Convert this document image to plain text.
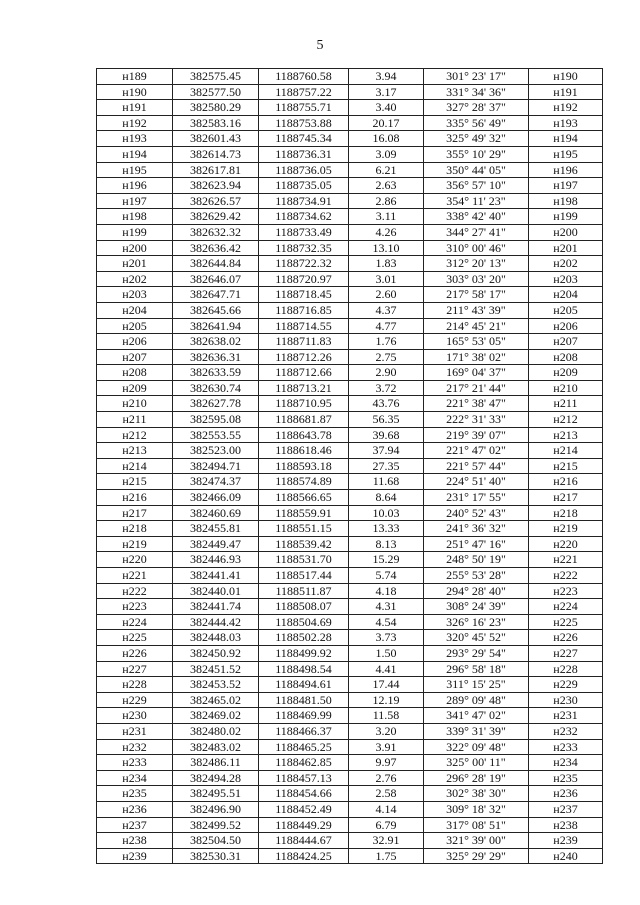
5
н189	382575.45	1188760.58	3.94	301° 23' 17"	н190
н190	382577.50	1188757.22	3.17	331° 34' 36"	н191
н191	382580.29	1188755.71	3.40	327° 28' 37"	н192
н192	382583.16	1188753.88	20.17	335° 56' 49"	н193
н193	382601.43	1188745.34	16.08	325° 49' 32"	н194
н194	382614.73	1188736.31	3.09	355° 10' 29"	н195
н195	382617.81	1188736.05	6.21	350° 44' 05"	н196
н196	382623.94	1188735.05	2.63	356° 57' 10"	н197
н197	382626.57	1188734.91	2.86	354° 11' 23"	н198
н198	382629.42	1188734.62	3.11	338° 42' 40"	н199
н199	382632.32	1188733.49	4.26	344° 27' 41"	н200
н200	382636.42	1188732.35	13.10	310° 00' 46"	н201
н201	382644.84	1188722.32	1.83	312° 20' 13"	н202
н202	382646.07	1188720.97	3.01	303° 03' 20"	н203
н203	382647.71	1188718.45	2.60	217° 58' 17"	н204
н204	382645.66	1188716.85	4.37	211° 43' 39"	н205
н205	382641.94	1188714.55	4.77	214° 45' 21"	н206
н206	382638.02	1188711.83	1.76	165° 53' 05"	н207
н207	382636.31	1188712.26	2.75	171° 38' 02"	н208
н208	382633.59	1188712.66	2.90	169° 04' 37"	н209
н209	382630.74	1188713.21	3.72	217° 21' 44"	н210
н210	382627.78	1188710.95	43.76	221° 38' 47"	н211
н211	382595.08	1188681.87	56.35	222° 31' 33"	н212
н212	382553.55	1188643.78	39.68	219° 39' 07"	н213
н213	382523.00	1188618.46	37.94	221° 47' 02"	н214
н214	382494.71	1188593.18	27.35	221° 57' 44"	н215
н215	382474.37	1188574.89	11.68	224° 51' 40"	н216
н216	382466.09	1188566.65	8.64	231° 17' 55"	н217
н217	382460.69	1188559.91	10.03	240° 52' 43"	н218
н218	382455.81	1188551.15	13.33	241° 36' 32"	н219
н219	382449.47	1188539.42	8.13	251° 47' 16"	н220
н220	382446.93	1188531.70	15.29	248° 50' 19"	н221
н221	382441.41	1188517.44	5.74	255° 53' 28"	н222
н222	382440.01	1188511.87	4.18	294° 28' 40"	н223
н223	382441.74	1188508.07	4.31	308° 24' 39"	н224
н224	382444.42	1188504.69	4.54	326° 16' 23"	н225
н225	382448.03	1188502.28	3.73	320° 45' 52"	н226
н226	382450.92	1188499.92	1.50	293° 29' 54"	н227
н227	382451.52	1188498.54	4.41	296° 58' 18"	н228
н228	382453.52	1188494.61	17.44	311° 15' 25"	н229
н229	382465.02	1188481.50	12.19	289° 09' 48"	н230
н230	382469.02	1188469.99	11.58	341° 47' 02"	н231
н231	382480.02	1188466.37	3.20	339° 31' 39"	н232
н232	382483.02	1188465.25	3.91	322° 09' 48"	н233
н233	382486.11	1188462.85	9.97	325° 00' 11"	н234
н234	382494.28	1188457.13	2.76	296° 28' 19"	н235
н235	382495.51	1188454.66	2.58	302° 38' 30"	н236
н236	382496.90	1188452.49	4.14	309° 18' 32"	н237
н237	382499.52	1188449.29	6.79	317° 08' 51"	н238
н238	382504.50	1188444.67	32.91	321° 39' 00"	н239
н239	382530.31	1188424.25	1.75	325° 29' 29"	н240
